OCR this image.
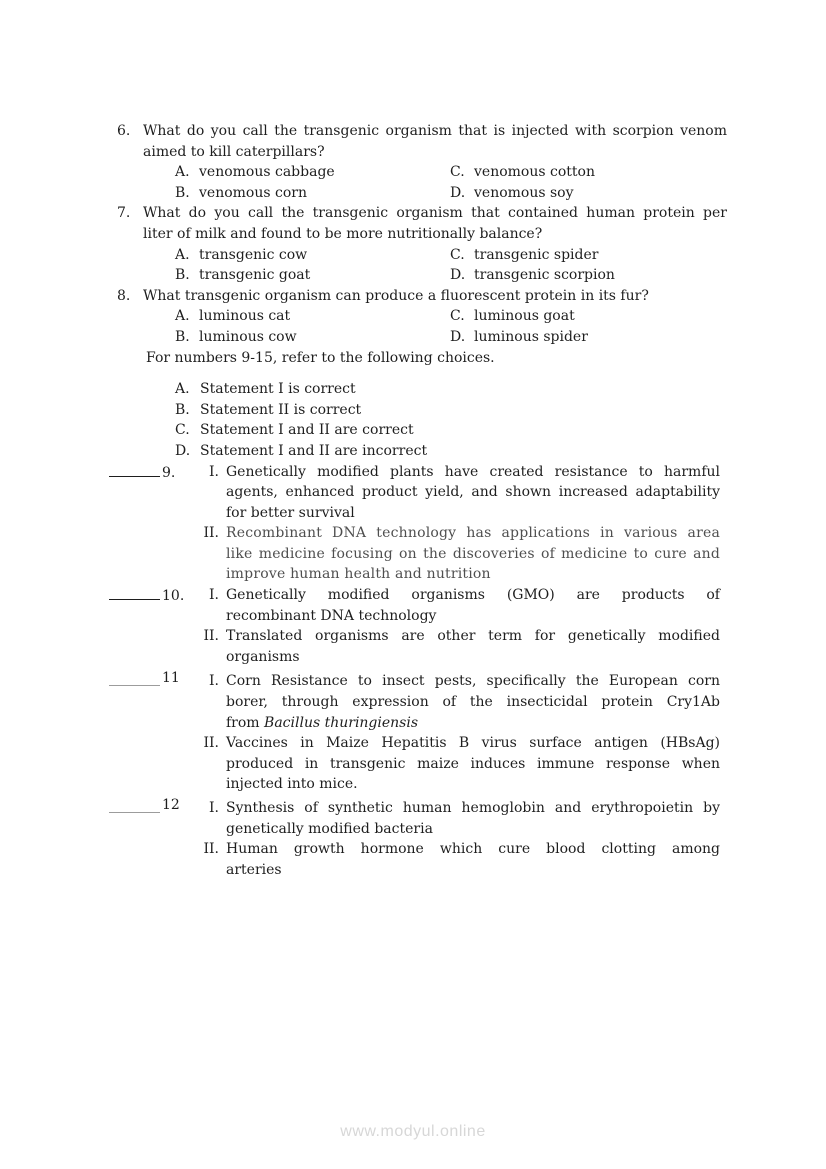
6. What do you call the transgenic organism that is injected with scorpion venom
aimed to kill caterpillars?
A. venomous cabbage	C. venomous cotton
B. venomous corn	D. venomous soy
7. What do you call the transgenic organism that contained human protein per
liter of milk and found to be more nutritionally balance?
A. transgenic cow	C. transgenic spider
B. transgenic goat	D. transgenic scorpion
8. What transgenic organism can produce a fluorescent protein in its fur?
A. luminous cat	C. luminous goat
B. luminous cow	D. luminous spider
For numbers 9-15, refer to the following choices.
A. Statement I is correct
B. Statement II is correct
C. Statement I and II are correct
D. Statement I and II are incorrect
9.	I. Genetically modified plants have created resistance to harmful
agents, enhanced product yield, and shown increased adaptability
for better survival
II. Recombinant DNA technology has applications in various area
like medicine focusing on the discoveries of medicine to cure and
improve human health and nutrition
10.	I. Genetically modified organisms (GMO) are products of
recombinant DNA technology
II. Translated organisms are other term for genetically modified
organisms
11	I. Corn Resistance to insect pests, specifically the European corn
borer, through expression of the insecticidal protein Cry1Ab
from Bacillus thuringiensis
II. Vaccines in Maize Hepatitis B virus surface antigen (HBsAg)
produced in transgenic maize induces immune response when
injected into mice.
12	I. Synthesis of synthetic human hemoglobin and erythropoietin by
genetically modified bacteria
II. Human growth hormone which cure blood clotting among
arteries
www.modyul.online
